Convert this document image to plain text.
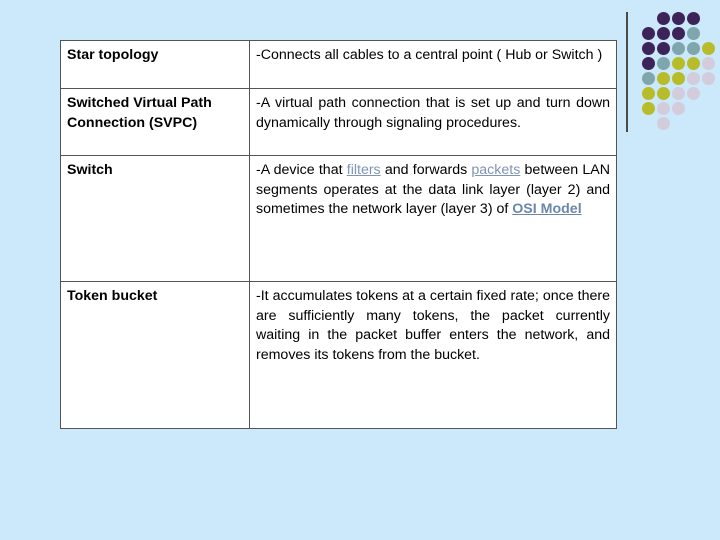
Star topology	-Connects all cables to a central point ( Hub or Switch )
Switched Virtual Path Connection (SVPC)	-A virtual path connection that is set up and turn down dynamically through signaling procedures.
Switch	-A device that filters and forwards packets between LAN segments operates at the data link layer (layer 2) and sometimes the network layer (layer 3) of OSI Model
Token bucket	-It accumulates tokens at a certain fixed rate; once there are sufficiently many tokens, the packet currently waiting in the packet buffer enters the network, and removes its tokens from the bucket.
